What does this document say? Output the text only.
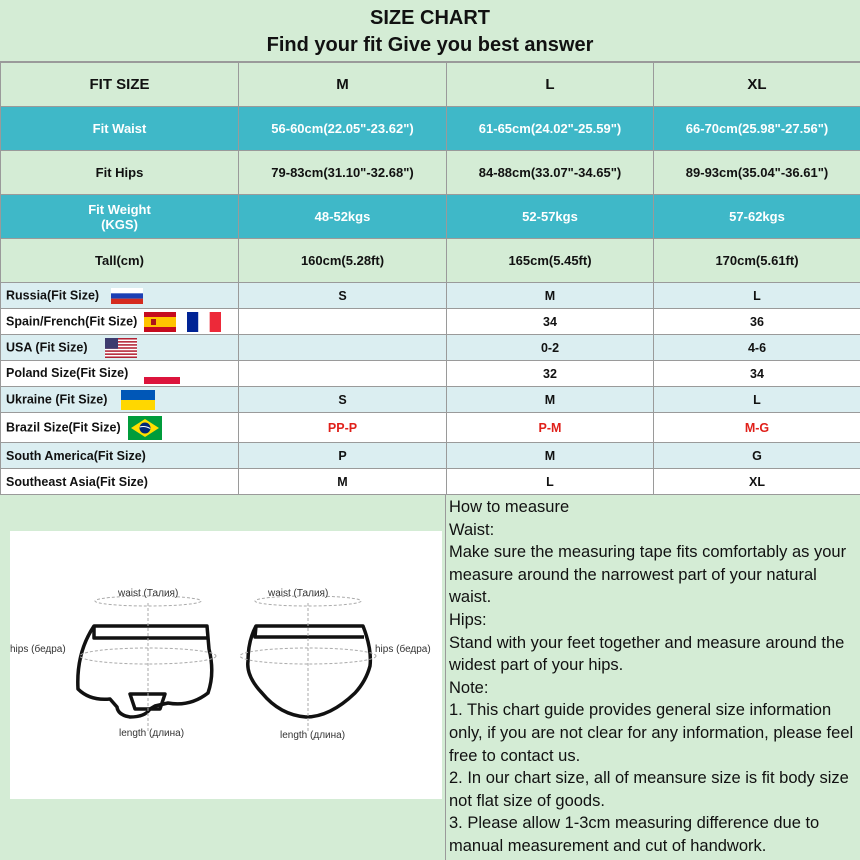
SIZE CHART
Find your fit Give you best answer
FIT SIZE	M	L	XL
Fit Waist	56-60cm(22.05"-23.62")	61-65cm(24.02"-25.59")	66-70cm(25.98"-27.56")
Fit Hips	79-83cm(31.10"-32.68")	84-88cm(33.07"-34.65")	89-93cm(35.04"-36.61")

Fit Weight
(KGS)	48-52kgs	52-57kgs	57-62kgs
Tall(cm)	160cm(5.28ft)	165cm(5.45ft)	170cm(5.61ft)
Russia(Fit Size)	S	M	L
Spain/French(Fit Size)		34	36
USA (Fit Size)		0-2	4-6
Poland Size(Fit Size)		32	34
Ukraine (Fit Size)	S	M	L
Brazil Size(Fit Size)	PP-P	P-M	M-G
South America(Fit Size)	P	M	G
Southeast Asia(Fit Size)	M	L	XL
waist (Талия)
hips (бедра)
length (длина)
waist (Талия)
hips (бедра)
length (длина)

How to measure

Waist:

Make sure the measuring tape fits comfortably as your measure around the narrowest part of your natural waist.

Hips:

Stand with your feet together and measure around the widest part of your hips.

Note:

1. This chart guide provides general size information only, if you are not clear for any information, please feel free to contact us.

2. In our chart size, all of meansure size is fit body size not flat size of goods.

3. Please allow 1-3cm measuring difference due to manual measurement and cut of handwork.
